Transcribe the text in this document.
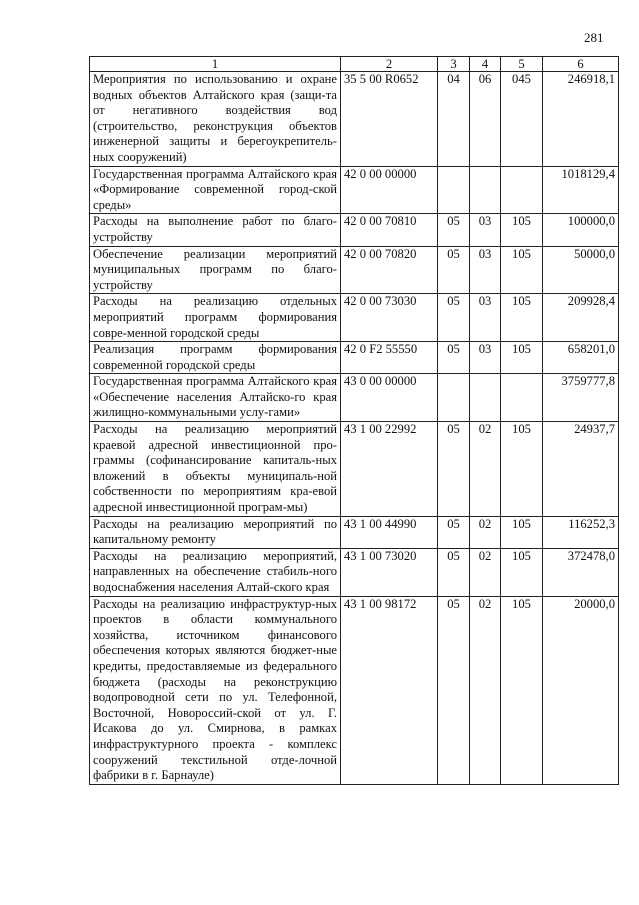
281
1	2	3	4	5	6
Мероприятия по использованию и охране водных объектов Алтайского края (защи-та от негативного воздействия вод (строительство, реконструкция объектов инженерной защиты и берегоукрепитель-ных сооружений)	35 5 00 R0652	04	06	045	246918,1
Государственная программа Алтайского края «Формирование современной город-ской среды»	42 0 00 00000				1018129,4
Расходы на выполнение работ по благо-устройству	42 0 00 70810	05	03	105	100000,0
Обеспечение реализации мероприятий муниципальных программ по благо-устройству	42 0 00 70820	05	03	105	50000,0
Расходы на реализацию отдельных мероприятий программ формирования совре-менной городской среды	42 0 00 73030	05	03	105	209928,4
Реализация программ формирования современной городской среды	42 0 F2 55550	05	03	105	658201,0
Государственная программа Алтайского края «Обеспечение населения Алтайско-го края жилищно-коммунальными услу-гами»	43 0 00 00000				3759777,8
Расходы на реализацию мероприятий краевой адресной инвестиционной про-граммы (софинансирование капиталь-ных вложений в объекты муниципаль-ной собственности по мероприятиям кра-евой адресной инвестиционной програм-мы)	43 1 00 22992	05	02	105	24937,7
Расходы на реализацию мероприятий по капитальному ремонту	43 1 00 44990	05	02	105	116252,3
Расходы на реализацию мероприятий, направленных на обеспечение стабиль-ного водоснабжения населения Алтай-ского края	43 1 00 73020	05	02	105	372478,0
Расходы на реализацию инфраструктур-ных проектов в области коммунального хозяйства, источником финансового обеспечения которых являются бюджет-ные кредиты, предоставляемые из федерального бюджета (расходы на реконструкцию водопроводной сети по ул. Телефонной, Восточной, Новороссий-ской от ул. Г. Исакова до ул. Смирнова, в рамках инфраструктурного проекта - комплекс сооружений текстильной отде-лочной фабрики в г. Барнауле)	43 1 00 98172	05	02	105	20000,0
